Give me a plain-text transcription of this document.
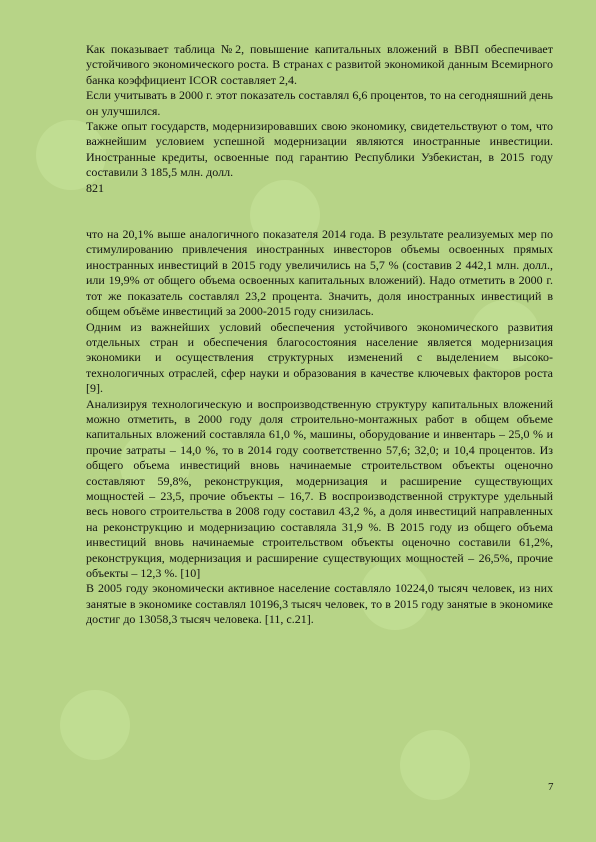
Как показывает таблица №2, повышение капитальных вложений в ВВП обеспечивает устойчивого экономического роста. В странах с развитой экономикой данным Всемирного банка коэффициент ICOR составляет 2,4.

Если учитывать в 2000 г. этот показатель составлял 6,6 процентов, то на сегодняшний день он улучшился.

Также опыт государств, модернизировавших свою экономику, свидетельствуют о том, что важнейшим условием успешной модернизации являются иностранные инвестиции. Иностранные кредиты, освоенные под гарантию Республики Узбекистан, в 2015 году составили 3 185,5 млн. долл.

821

что на 20,1% выше аналогичного показателя 2014 года. В результате реализуемых мер по стимулированию привлечения иностранных инвесторов объемы освоенных прямых иностранных инвестиций в 2015 году увеличились на 5,7 % (составив 2 442,1 млн. долл., или 19,9% от общего объема освоенных капитальных вложений). Надо отметить в 2000 г. тот же показатель составлял 23,2 процента. Значить, доля иностранных инвестиций в общем объёме инвестиций за 2000-2015 году снизилась.

Одним из важнейших условий обеспечения устойчивого экономического развития отдельных стран и обеспечения благосостояния население является модернизация экономики и осуществления структурных изменений с выделением высоко-технологичных отраслей, сфер науки и образования в качестве ключевых факторов роста [9].

Анализируя технологическую и воспроизводственную структуру капитальных вложений можно отметить, в 2000 году доля строительно-монтажных работ в общем объеме капитальных вложений составляла 61,0 %, машины, оборудование и инвентарь – 25,0 % и прочие затраты – 14,0 %, то в 2014 году соответственно 57,6; 32,0; и 10,4 процентов. Из общего объема инвестиций вновь начинаемые строительством объекты оценочно составляют 59,8%, реконструкция, модернизация и расширение существующих мощностей – 23,5, прочие объекты – 16,7. В воспроизводственной структуре удельный весь нового строительства в 2008 году составил 43,2 %, а доля инвестиций направленных на реконструкцию и модернизацию составляла 31,9 %. В 2015 году из общего объема инвестиций вновь начинаемые строительством объекты оценочно составили 61,2%, реконструкция, модернизация и расширение существующих мощностей – 26,5%, прочие объекты – 12,3 %. [10]

В 2005 году экономически активное население составляло 10224,0 тысяч человек, из них занятые в экономике составлял 10196,3 тысяч человек, то в 2015 году занятые в экономике достиг до 13058,3 тысяч человека. [11, с.21].

7
